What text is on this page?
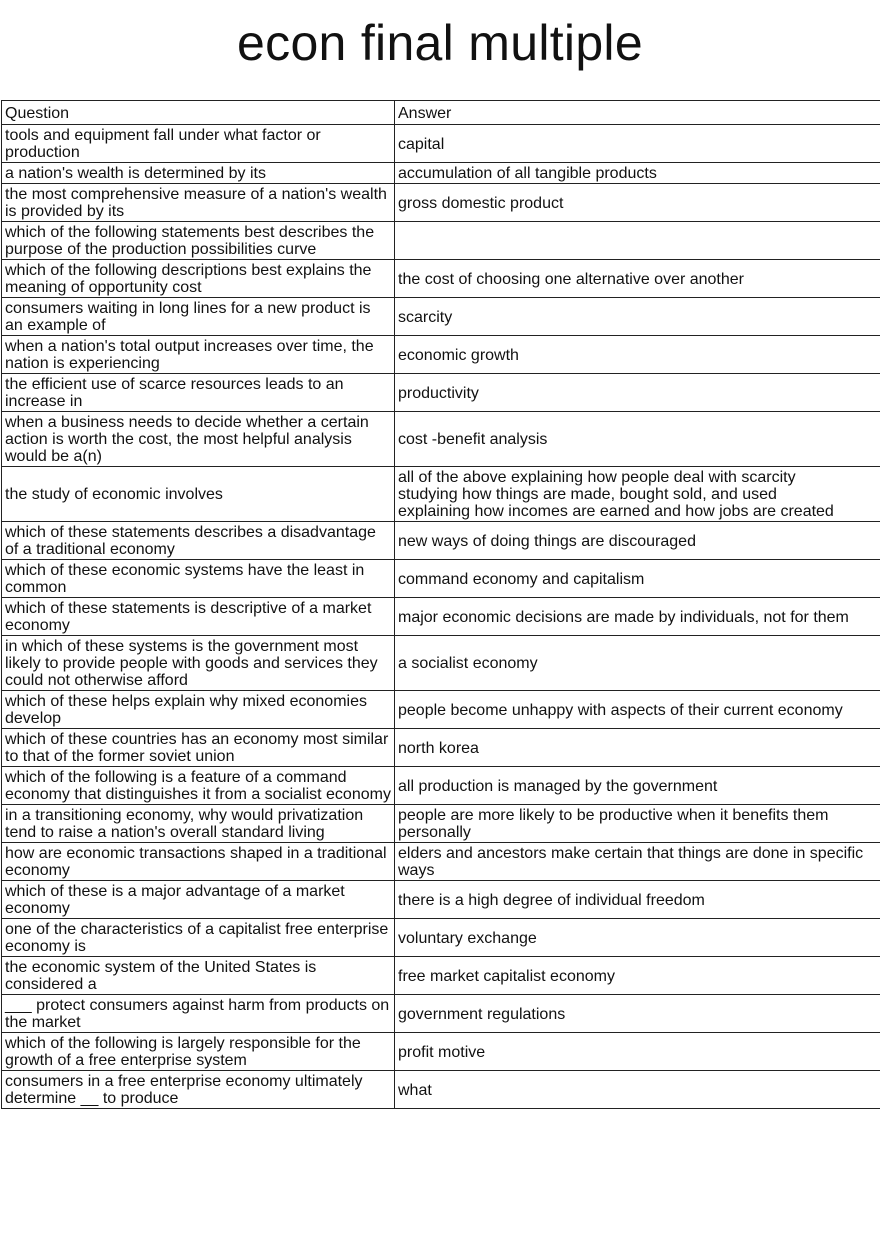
econ final multiple
Question	Answer
tools and equipment fall under what factor or production	capital
a nation's wealth is determined by its	accumulation of all tangible products
the most comprehensive measure of a nation's wealth is provided by its	gross domestic product
which of the following statements best describes the purpose of the production possibilities curve	
which of the following descriptions best explains the meaning of opportunity cost	the cost of choosing one alternative over another
consumers waiting in long lines for a new product is an example of	scarcity
when a nation's total output increases over time, the nation is experiencing	economic growth
the efficient use of scarce resources leads to an increase in	productivity
when a business needs to decide whether a certain action is worth the cost, the most helpful analysis would be a(n)	cost -benefit analysis
the study of economic involves	all of the above explaining how people deal with scarcity
studying how things are made, bought sold, and used
explaining how incomes are earned and how jobs are created
which of these statements describes a disadvantage of a traditional economy	new ways of doing things are discouraged
which of these economic systems have the least in common	command economy and capitalism
which of these statements is descriptive of a market economy	major economic decisions are made by individuals, not for them
in which of these systems is the government most likely to provide people with goods and services they could not otherwise afford	a socialist economy
which of these helps explain why mixed economies develop	people become unhappy with aspects of their current economy
which of these countries has an economy most similar to that of the former soviet union	north korea
which of the following is a feature of a command economy that distinguishes it from a socialist economy	all production is managed by the government
in a transitioning economy, why would privatization tend to raise a nation's overall standard living	people are more likely to be productive when it benefits them personally
how are economic transactions shaped in a traditional economy	elders and ancestors make certain that things are done in specific ways
which of these is a major advantage of a market economy	there is a high degree of individual freedom
one of the characteristics of a capitalist free enterprise economy is	voluntary exchange
the economic system of the United States is considered a	free market capitalist economy
___ protect consumers against harm from products on the market	government regulations
which of the following is largely responsible for the growth of a free enterprise system	profit motive
consumers in a free enterprise economy ultimately determine __ to produce	what
